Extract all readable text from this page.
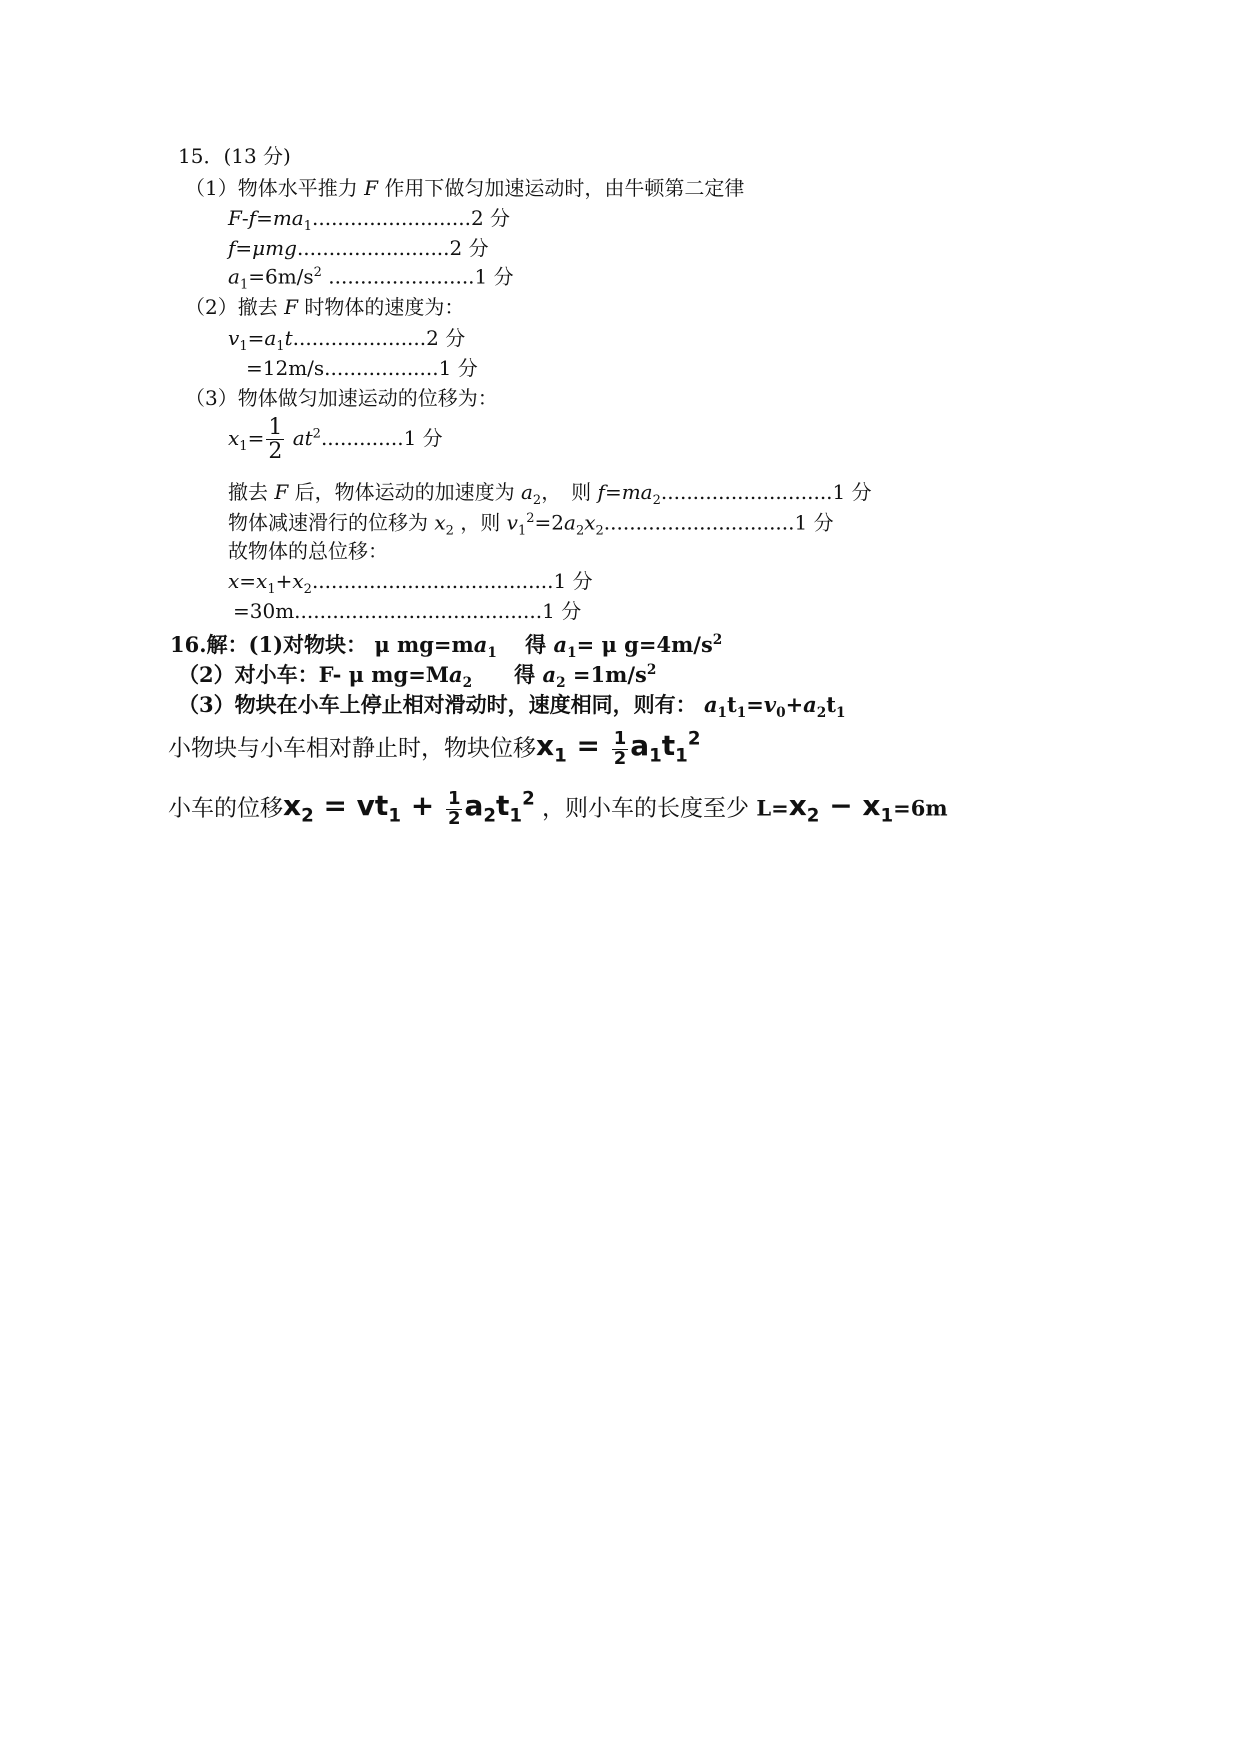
15．(13 分)
（1）物体水平推力 F 作用下做匀加速运动时，由牛顿第二定律
$F-f=ma_1.........................2$ 分
f=μmg........................2 分
$a_1=6m/s^2$ .......................1 分
（2）撤去 F 时物体的速度为：
$v_1=a_1t.....................2$ 分
=12m/s..................1 分
（3）物体做匀加速运动的位移为：
$x_1= \frac{1}{2} at^2.............1$ 分
撤去 F 后，物体运动的加速度为 $a_2$，　则 $f=ma_2...........................1$ 分
物体减速滑行的位移为 $x_2$ ，则 $v_1^2=2a_2x_2..............................1$ 分
故物体的总位移：
$x=x_1+x_2......................................1$ 分
=30m.......................................1 分
16.解：(1)对物块： μ $mg=ma_1$　 得 $a_1= \mu$ $g=4m/s^2$
（2）对小车：F- μ $mg=Ma_2$　　 得 $a_2 =1m/s^2$
（3）物块在小车上停止相对滑动时，速度相同，则有： $a_1t_1=v_0+a_2t_1$
小物块与小车相对静止时，物块位移$x_1 = \frac{1}{2} a_1t_1^2$
小车的位移$x_2 = vt_1 + \frac{1}{2} a_2t_1^2$ ，则小车的长度至少 $L=x_2 - x_1=6m$
